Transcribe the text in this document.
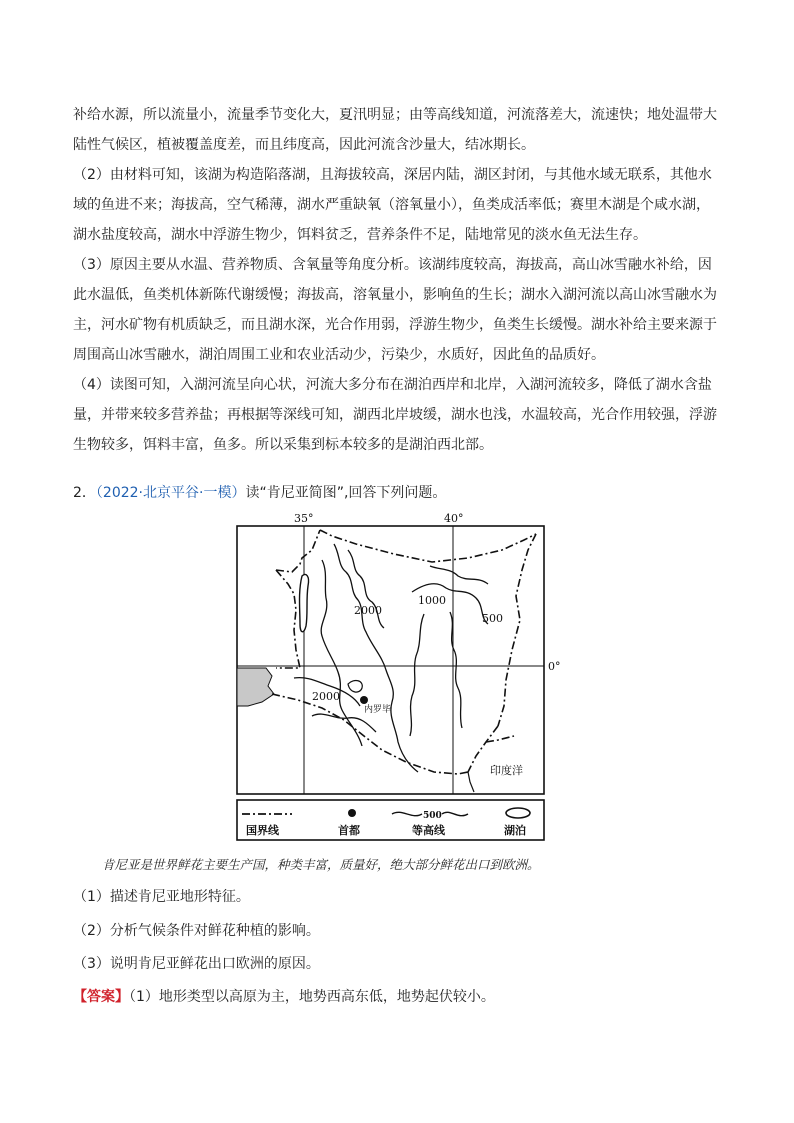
补给水源，所以流量小，流量季节变化大，夏汛明显；由等高线知道，河流落差大，流速快；地处温带大陆性气候区，植被覆盖度差，而且纬度高，因此河流含沙量大，结冰期长。

（2）由材料可知，该湖为构造陷落湖，且海拔较高，深居内陆，湖区封闭，与其他水域无联系，其他水域的鱼进不来；海拔高，空气稀薄，湖水严重缺氧（溶氧量小），鱼类成活率低；赛里木湖是个咸水湖，湖水盐度较高，湖水中浮游生物少，饵料贫乏，营养条件不足，陆地常见的淡水鱼无法生存。

（3）原因主要从水温、营养物质、含氧量等角度分析。该湖纬度较高，海拔高，高山冰雪融水补给，因此水温低，鱼类机体新陈代谢缓慢；海拔高，溶氧量小，影响鱼的生长；湖水入湖河流以高山冰雪融水为主，河水矿物有机质缺乏，而且湖水深，光合作用弱，浮游生物少，鱼类生长缓慢。湖水补给主要来源于周围高山冰雪融水，湖泊周围工业和农业活动少，污染少，水质好，因此鱼的品质好。

（4）读图可知，入湖河流呈向心状，河流大多分布在湖泊西岸和北岸，入湖河流较多，降低了湖水含盐量，并带来较多营养盐；再根据等深线可知，湖西北岸坡缓，湖水也浅，水温较高，光合作用较强，浮游生物较多，饵料丰富，鱼多。所以采集到标本较多的是湖泊西北部。

2．（2022·北京平谷·一模）读“肯尼亚简图”,回答下列问题。
35°	40°
0°
2000
1000
500
2000
内罗毕
印度洋
国界线	首都
500
等高线	湖泊
肯尼亚是世界鲜花主要生产国，种类丰富，质量好，绝大部分鲜花出口到欧洲。
（1）描述肯尼亚地形特征。
（2）分析气候条件对鲜花种植的影响。
（3）说明肯尼亚鲜花出口欧洲的原因。
【答案】（1）地形类型以高原为主，地势西高东低，地势起伏较小。
